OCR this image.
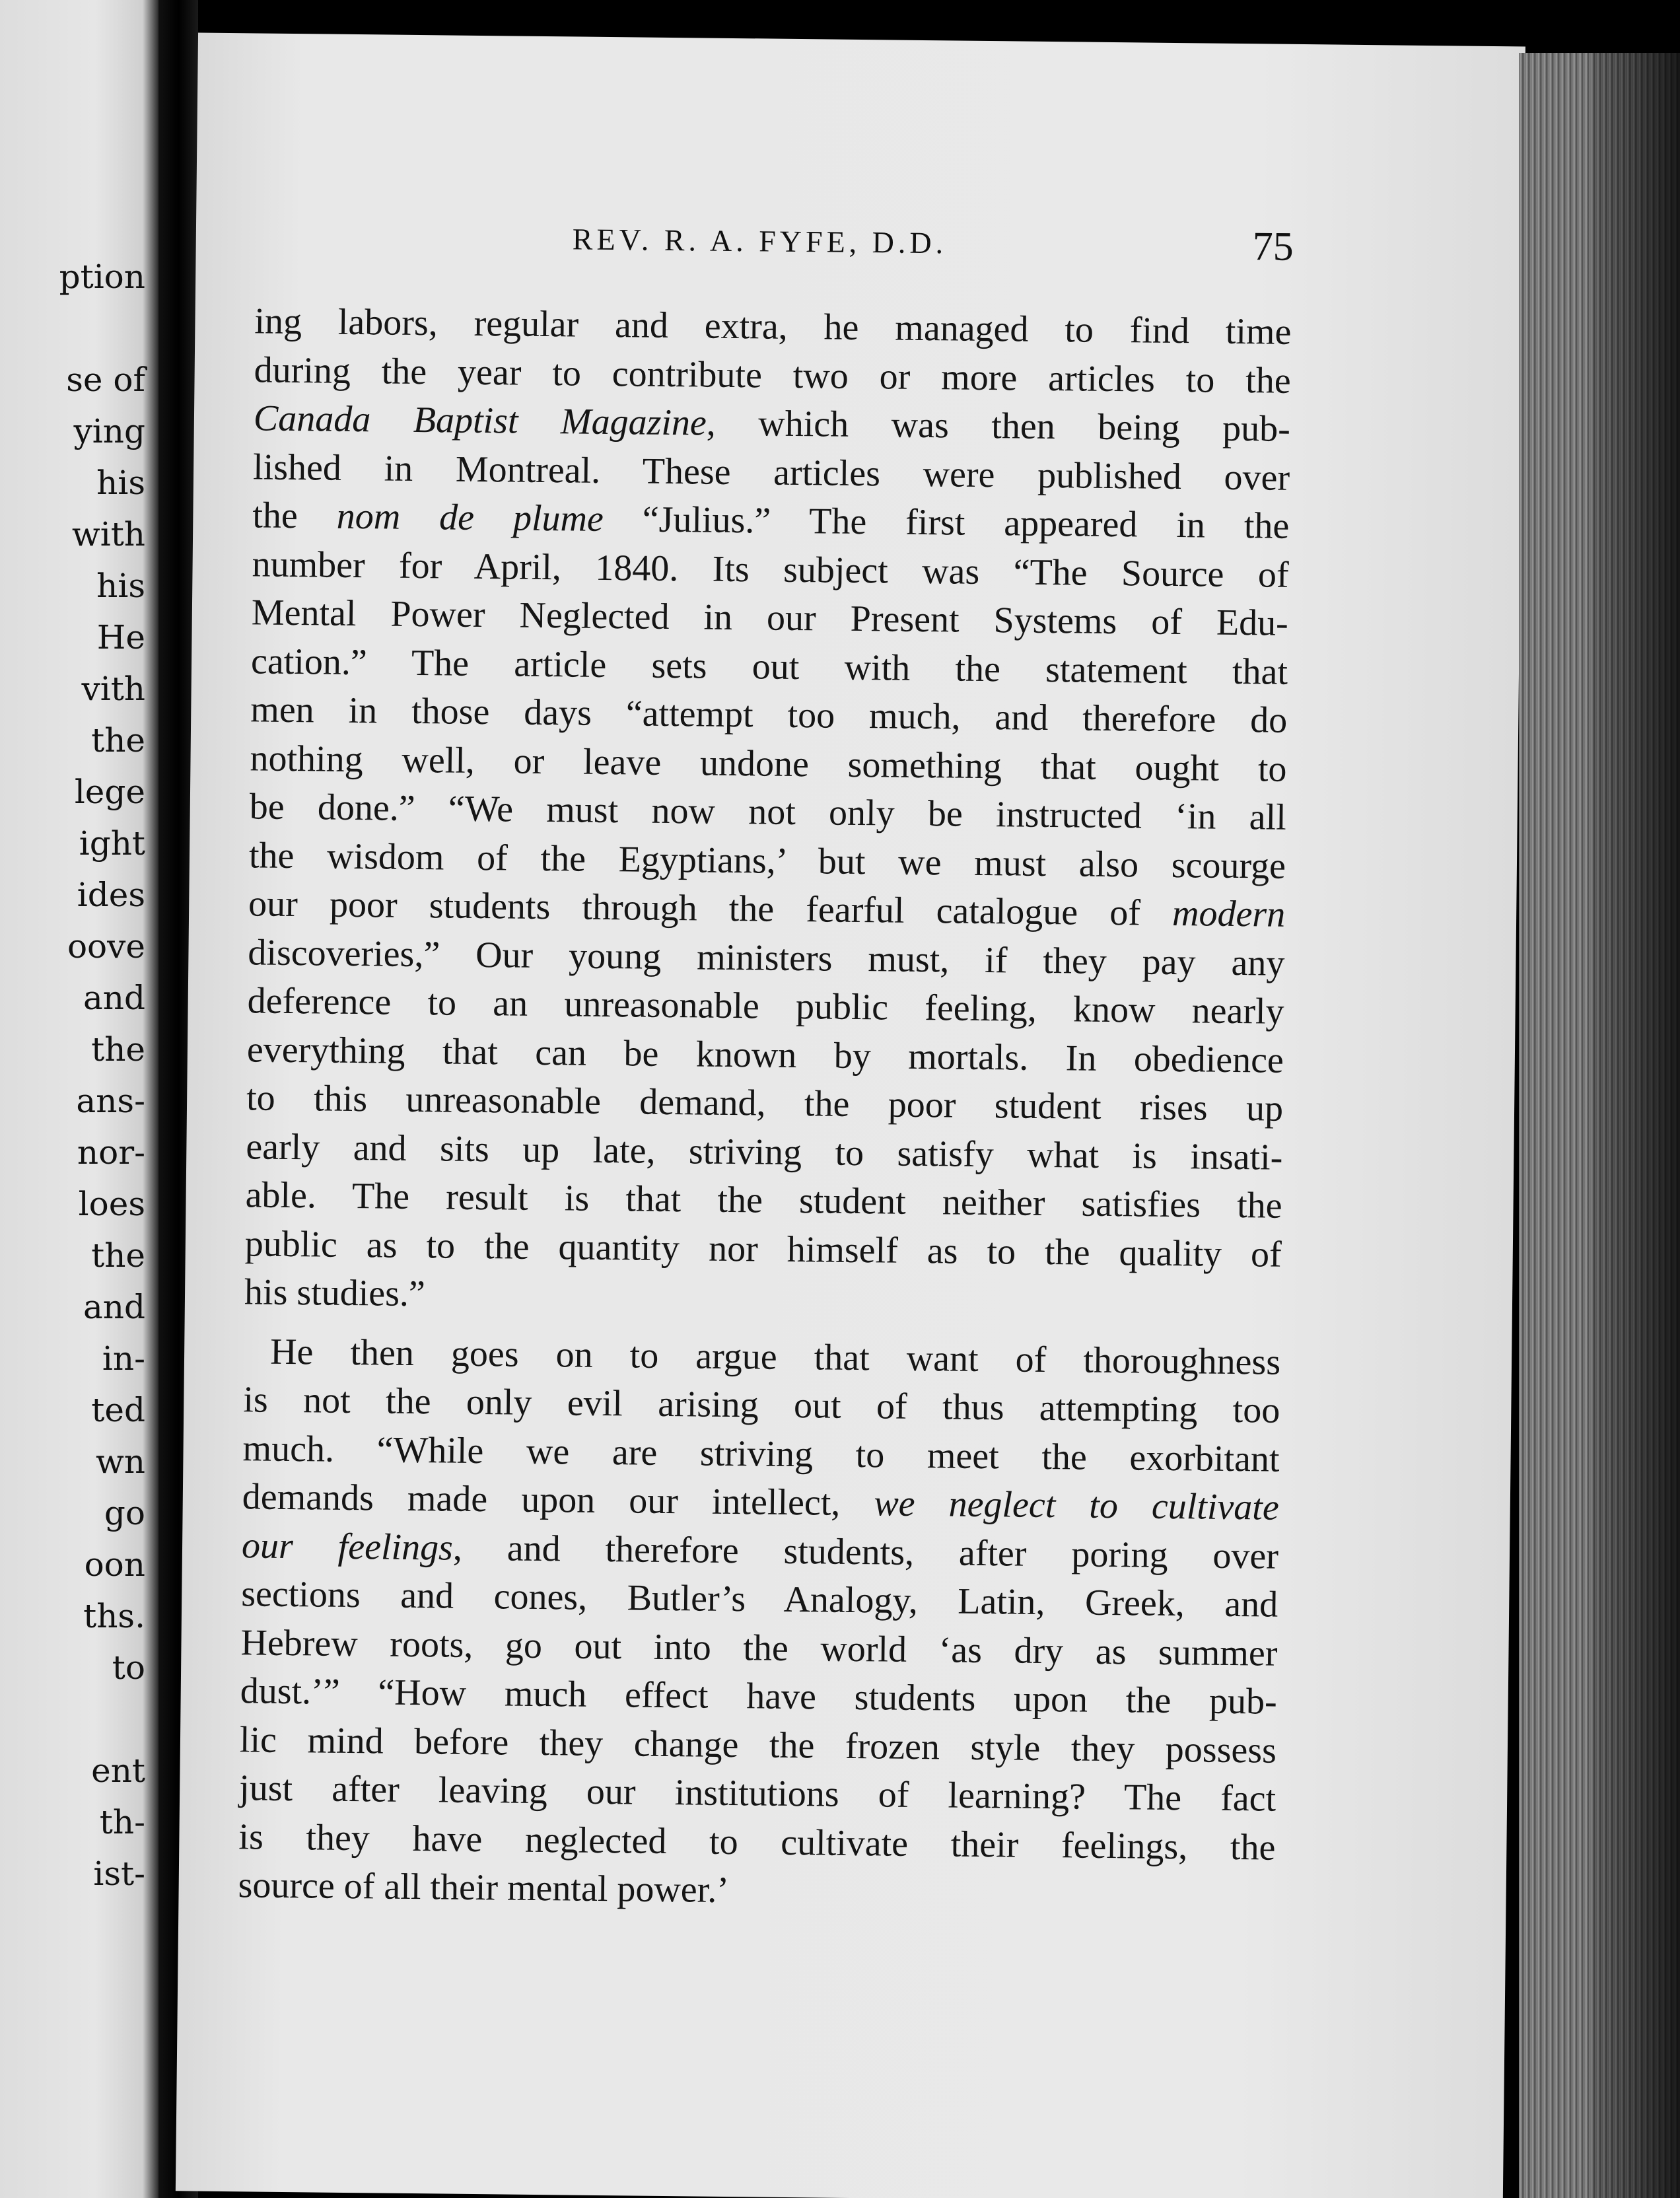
ption
se of
ying
his
with
his
He
vith
the
lege
ight
ides
oove
and
the
ans-
nor-
loes
the
and
in-
ted
wn
go
oon
ths.
to
ent
th-
ist-
REV. R. A. FYFE, D.D.	75
ing labors, regular and extra, he managed to find time
during the year to contribute two or more articles to the
Canada Baptist Magazine, which was then being pub-
lished in Montreal. These articles were published over
the nom de plume “Julius.” The first appeared in the
number for April, 1840. Its subject was “The Source of
Mental Power Neglected in our Present Systems of Edu-
cation.” The article sets out with the statement that
men in those days “attempt too much, and therefore do
nothing well, or leave undone something that ought to
be done.” “We must now not only be instructed ‘in all
the wisdom of the Egyptians,’ but we must also scourge
our poor students through the fearful catalogue of modern
discoveries,” Our young ministers must, if they pay any
deference to an unreasonable public feeling, know nearly
everything that can be known by mortals. In obedience
to this unreasonable demand, the poor student rises up
early and sits up late, striving to satisfy what is insati-
able. The result is that the student neither satisfies the
public as to the quantity nor himself as to the quality of
his studies.”
He then goes on to argue that want of thoroughness
is not the only evil arising out of thus attempting too
much. “While we are striving to meet the exorbitant
demands made upon our intellect, we neglect to cultivate
our feelings, and therefore students, after poring over
sections and cones, Butler’s Analogy, Latin, Greek, and
Hebrew roots, go out into the world ‘as dry as summer
dust.’” “How much effect have students upon the pub-
lic mind before they change the frozen style they possess
just after leaving our institutions of learning? The fact
is they have neglected to cultivate their feelings, the
source of all their mental power.’
